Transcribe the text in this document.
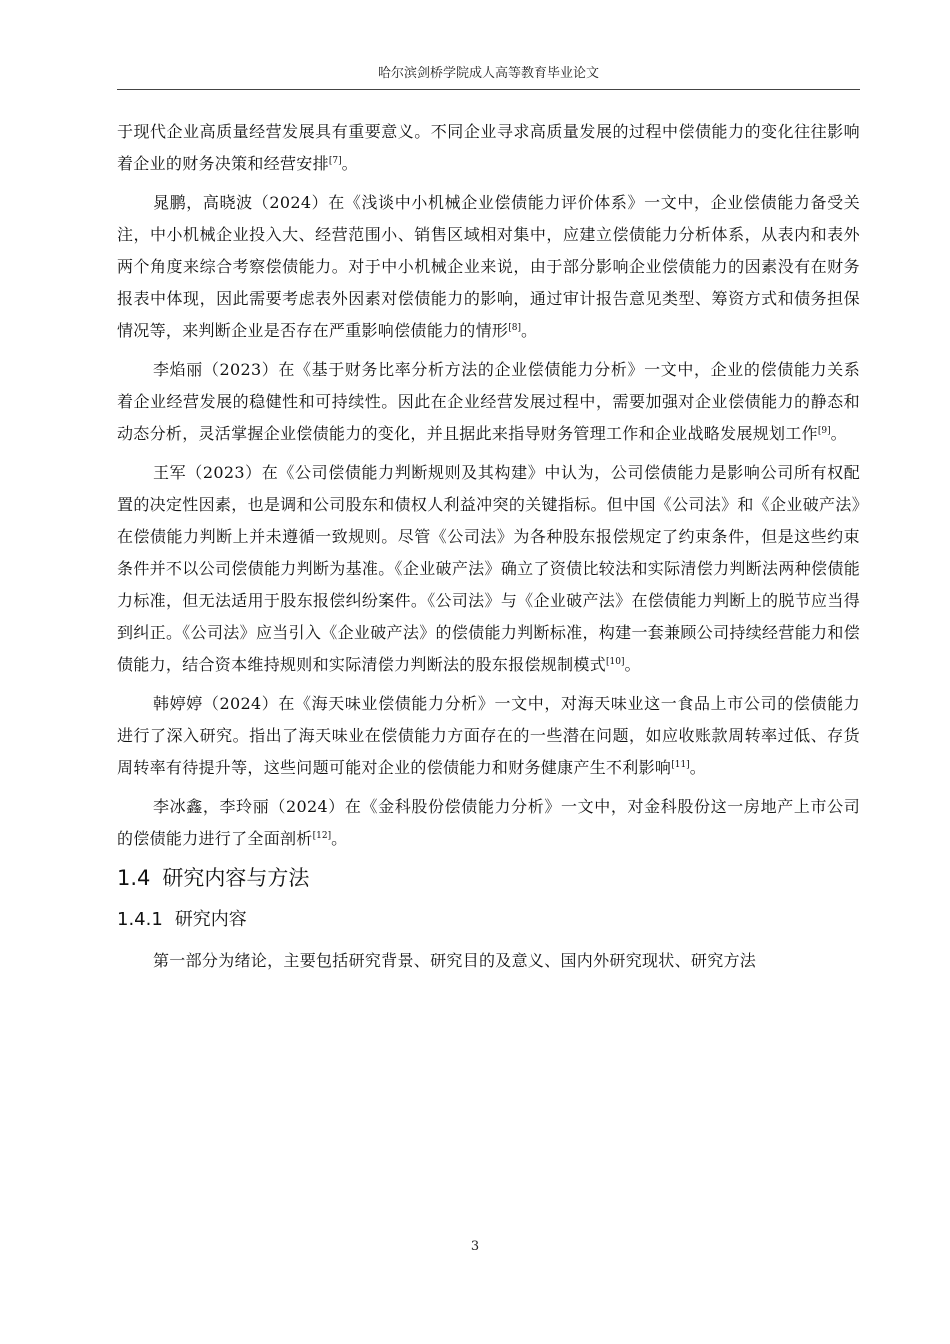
哈尔滨剑桥学院成人高等教育毕业论文

于现代企业高质量经营发展具有重要意义。不同企业寻求高质量发展的过程中偿债能力的变化往往影响着企业的财务决策和经营安排[7]。

晁鹏，高晓波（2024）在《浅谈中小机械企业偿债能力评价体系》一文中，企业偿债能力备受关注，中小机械企业投入大、经营范围小、销售区域相对集中，应建立偿债能力分析体系，从表内和表外两个角度来综合考察偿债能力。对于中小机械企业来说，由于部分影响企业偿债能力的因素没有在财务报表中体现，因此需要考虑表外因素对偿债能力的影响，通过审计报告意见类型、筹资方式和债务担保情况等，来判断企业是否存在严重影响偿债能力的情形[8]。

李焰丽（2023）在《基于财务比率分析方法的企业偿债能力分析》一文中，企业的偿债能力关系着企业经营发展的稳健性和可持续性。因此在企业经营发展过程中，需要加强对企业偿债能力的静态和动态分析，灵活掌握企业偿债能力的变化，并且据此来指导财务管理工作和企业战略发展规划工作[9]。

王军（2023）在《公司偿债能力判断规则及其构建》中认为，公司偿债能力是影响公司所有权配置的决定性因素，也是调和公司股东和债权人利益冲突的关键指标。但中国《公司法》和《企业破产法》在偿债能力判断上并未遵循一致规则。尽管《公司法》为各种股东报偿规定了约束条件，但是这些约束条件并不以公司偿债能力判断为基准。《企业破产法》确立了资债比较法和实际清偿力判断法两种偿债能力标准，但无法适用于股东报偿纠纷案件。《公司法》与《企业破产法》在偿债能力判断上的脱节应当得到纠正。《公司法》应当引入《企业破产法》的偿债能力判断标准，构建一套兼顾公司持续经营能力和偿债能力，结合资本维持规则和实际清偿力判断法的股东报偿规制模式[10]。

韩婷婷（2024）在《海天味业偿债能力分析》一文中，对海天味业这一食品上市公司的偿债能力进行了深入研究。指出了海天味业在偿债能力方面存在的一些潜在问题，如应收账款周转率过低、存货周转率有待提升等，这些问题可能对企业的偿债能力和财务健康产生不利影响[11]。

李冰鑫，李玲丽（2024）在《金科股份偿债能力分析》一文中，对金科股份这一房地产上市公司的偿债能力进行了全面剖析[12]。

1.4 研究内容与方法
1.4.1 研究内容

第一部分为绪论，主要包括研究背景、研究目的及意义、国内外研究现状、研究方法

3
